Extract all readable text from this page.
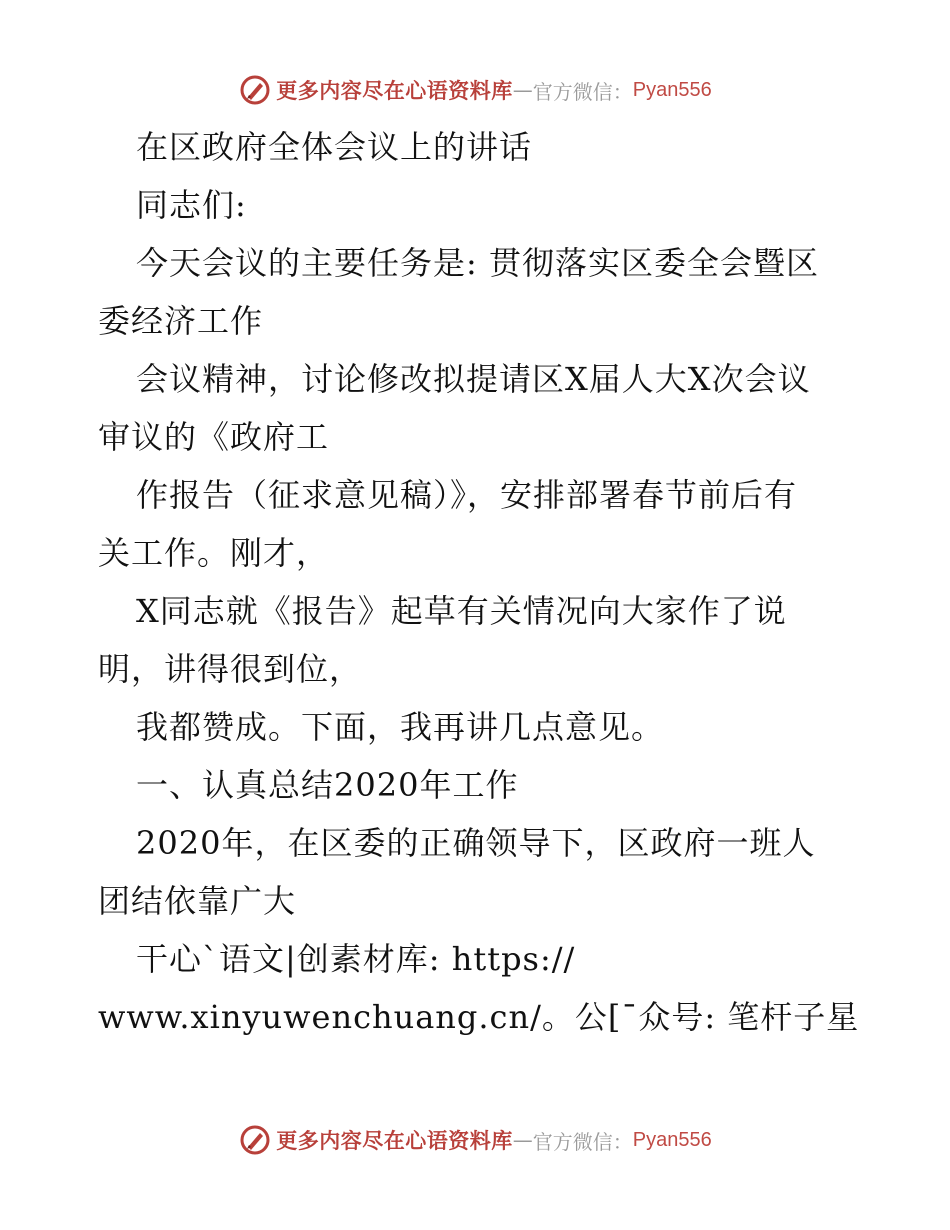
更多内容尽在心语资料库 — 官方微信： Pyan556
在区政府全体会议上的讲话
同志们:
今天会议的主要任务是: 贯彻落实区委全会暨区
委经济工作
会议精神，讨论修改拟提请区X届人大X次会议
审议的《政府工
作报告（征求意见稿）》，安排部署春节前后有
关工作。刚才，
X同志就《报告》起草有关情况向大家作了说
明，讲得很到位，
我都赞成。下面，我再讲几点意见。
一、认真总结2020年工作
2020年，在区委的正确领导下，区政府一班人
团结依靠广大
干心`语文|创素材库: https://
www.xinyuwenchuang.cn/。公[¯众号: 笔杆子星
更多内容尽在心语资料库 — 官方微信： Pyan556
